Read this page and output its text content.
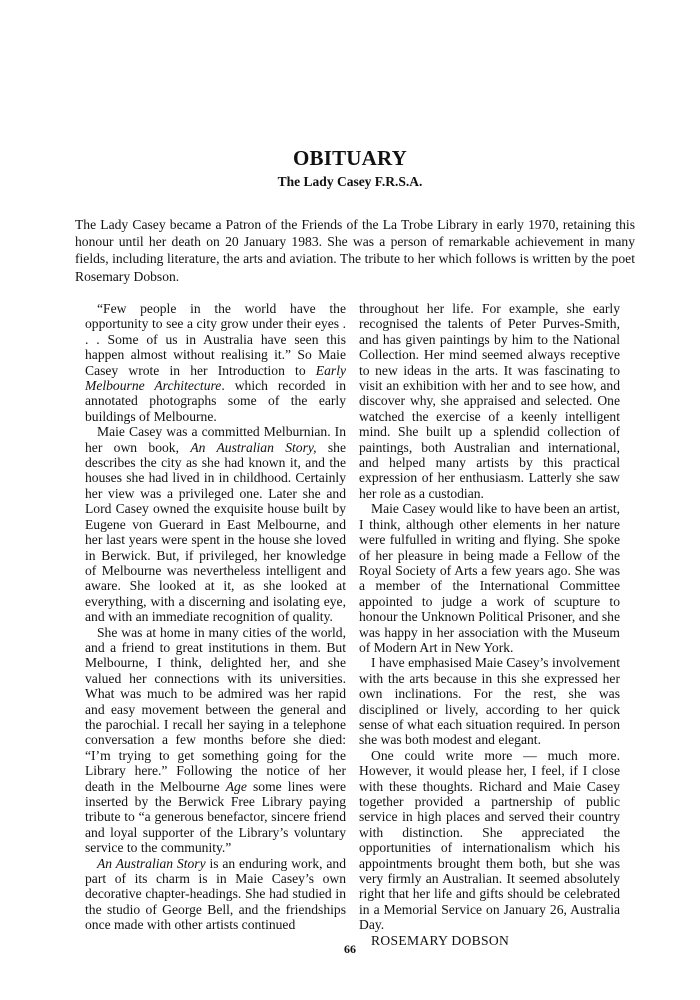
OBITUARY
The Lady Casey F.R.S.A.

The Lady Casey became a Patron of the Friends of the La Trobe Library in early 1970, retaining this honour until her death on 20 January 1983. She was a person of remarkable achievement in many fields, including literature, the arts and aviation. The tribute to her which follows is written by the poet Rosemary Dobson.

“Few people in the world have the opportunity to see a city grow under their eyes . . . Some of us in Australia have seen this happen almost without realising it.” So Maie Casey wrote in her Introduction to Early Melbourne Architecture. which recorded in annotated photographs some of the early buildings of Melbourne.

Maie Casey was a committed Melburnian. In her own book, An Australian Story, she describes the city as she had known it, and the houses she had lived in in childhood. Certainly her view was a privileged one. Later she and Lord Casey owned the exquisite house built by Eugene von Guerard in East Melbourne, and her last years were spent in the house she loved in Berwick. But, if privileged, her knowledge of Melbourne was nevertheless intelligent and aware. She looked at it, as she looked at everything, with a discerning and isolating eye, and with an immediate recognition of quality.

She was at home in many cities of the world, and a friend to great institutions in them. But Melbourne, I think, delighted her, and she valued her connections with its universities. What was much to be admired was her rapid and easy movement between the general and the parochial. I recall her saying in a telephone conversation a few months before she died: “I’m trying to get something going for the Library here.” Following the notice of her death in the Melbourne Age some lines were inserted by the Berwick Free Library paying tribute to “a generous benefactor, sincere friend and loyal supporter of the Library’s voluntary service to the community.”

An Australian Story is an enduring work, and part of its charm is in Maie Casey’s own decorative chapter-headings. She had studied in the studio of George Bell, and the friendships once made with other artists continued

throughout her life. For example, she early recognised the talents of Peter Purves-Smith, and has given paintings by him to the National Collection. Her mind seemed always receptive to new ideas in the arts. It was fascinating to visit an exhibition with her and to see how, and discover why, she appraised and selected. One watched the exercise of a keenly intelligent mind. She built up a splendid collection of paintings, both Australian and international, and helped many artists by this practical expression of her enthusiasm. Latterly she saw her role as a custodian.

Maie Casey would like to have been an artist, I think, although other elements in her nature were fulfulled in writing and flying. She spoke of her pleasure in being made a Fellow of the Royal Society of Arts a few years ago. She was a member of the International Committee appointed to judge a work of scupture to honour the Unknown Political Prisoner, and she was happy in her association with the Museum of Modern Art in New York.

I have emphasised Maie Casey’s involvement with the arts because in this she expressed her own inclinations. For the rest, she was disciplined or lively, according to her quick sense of what each situation required. In person she was both modest and elegant.

One could write more — much more. However, it would please her, I feel, if I close with these thoughts. Richard and Maie Casey together provided a partnership of public service in high places and served their country with distinction. She appreciated the opportunities of internationalism which his appointments brought them both, but she was very firmly an Australian. It seemed absolutely right that her life and gifts should be celebrated in a Memorial Service on January 26, Australia Day.

ROSEMARY DOBSON

66
